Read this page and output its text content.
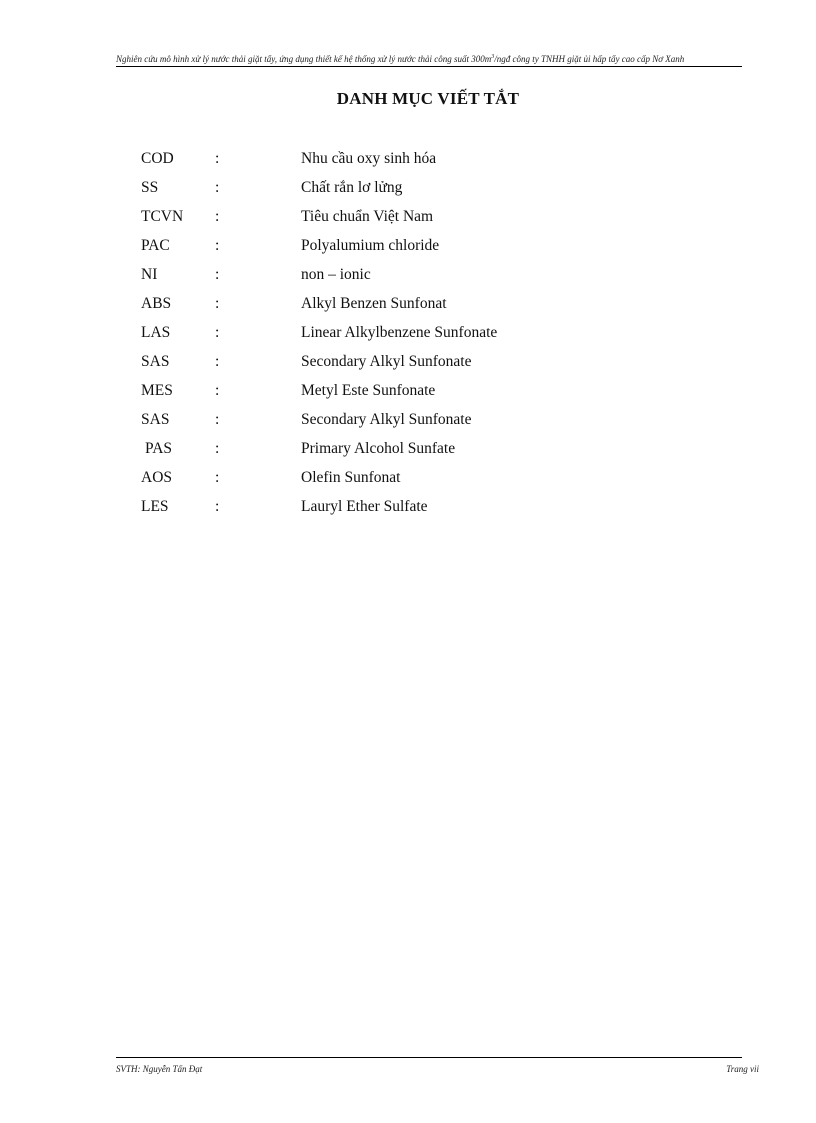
Nghiên cứu mô hình xử lý nước thải giặt tẩy, ứng dụng thiết kế hệ thống xử lý nước thải công suất $300m^3$/ngđ công ty TNHH giặt ủi hấp tẩy cao cấp Nơ Xanh
DANH MỤC VIẾT TẮT
COD	:	Nhu cầu oxy sinh hóa
SS	:	Chất rắn lơ lửng
TCVN :	Tiêu chuẩn Việt Nam
PAC	:	Polyalumium chloride
NI	:	non – ionic
ABS	:	Alkyl Benzen Sunfonat
LAS	:	Linear Alkylbenzene Sunfonate
SAS	:	Secondary Alkyl Sunfonate
MES	:	Metyl Este Sunfonate
SAS	:	Secondary Alkyl Sunfonate
PAS	:	Primary Alcohol Sunfate
AOS	:	Olefin Sunfonat
LES	:	Lauryl Ether Sulfate
SVTH: Nguyễn Tấn Đạt	Trang vii
